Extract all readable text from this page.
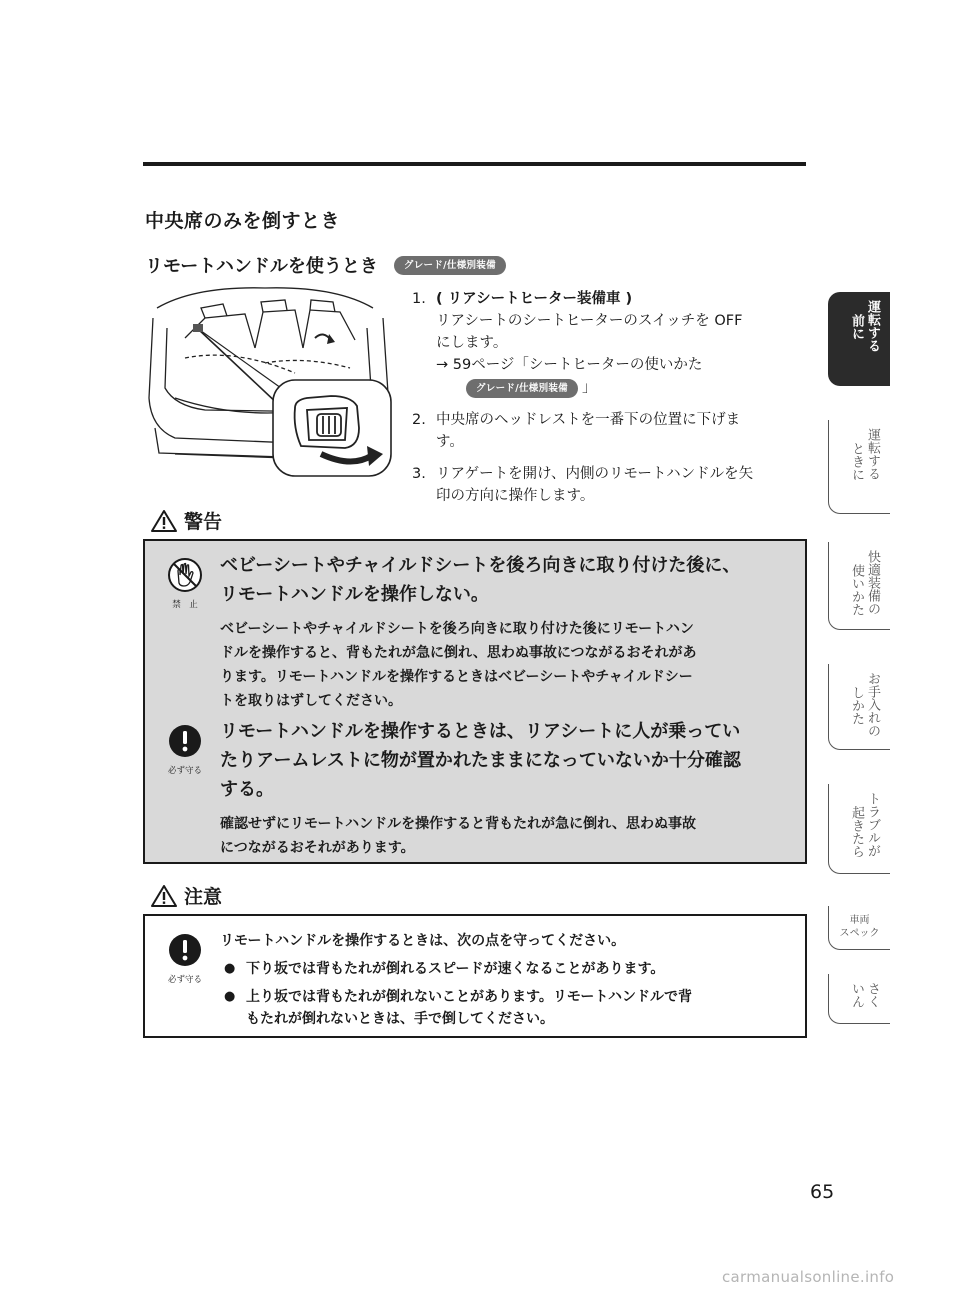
中央席のみを倒すとき
リモートハンドルを使うとき	グレード/仕様別装備
1. ( リアシートヒーター装備車 )
リアシートのシートヒーターのスイッチを OFF
にします。
→ 59ページ「シートヒーターの使いかた
グレード/仕様別装備 」
2. 中央席のヘッドレストを一番下の位置に下げま
す。
3. リアゲートを開け、内側のリモートハンドルを矢
印の方向に操作します。
警告
禁　止
ベビーシートやチャイルドシートを後ろ向きに取り付けた後に、
リモートハンドルを操作しない。
ベビーシートやチャイルドシートを後ろ向きに取り付けた後にリモートハン
ドルを操作すると、背もたれが急に倒れ、思わぬ事故につながるおそれがあ
ります。リモートハンドルを操作するときはベビーシートやチャイルドシー
トを取りはずしてください。
必ず守る
リモートハンドルを操作するときは、リアシートに人が乗ってい
たりアームレストに物が置かれたままになっていないか十分確認
する。
確認せずにリモートハンドルを操作すると背もたれが急に倒れ、思わぬ事故
につながるおそれがあります。
注意
必ず守る
リモートハンドルを操作するときは、次の点を守ってください。
● 下り坂では背もたれが倒れるスピードが速くなることがあります。
● 上り坂では背もたれが倒れないことがあります。リモートハンドルで背
もたれが倒れないときは、手で倒してください。
運転する
前に
運転する
ときに
快適装備の
使いかた
お手入れの
しかた
トラブルが
起きたら
車両
スペック
さく
いん
65
carmanualsonline.info
